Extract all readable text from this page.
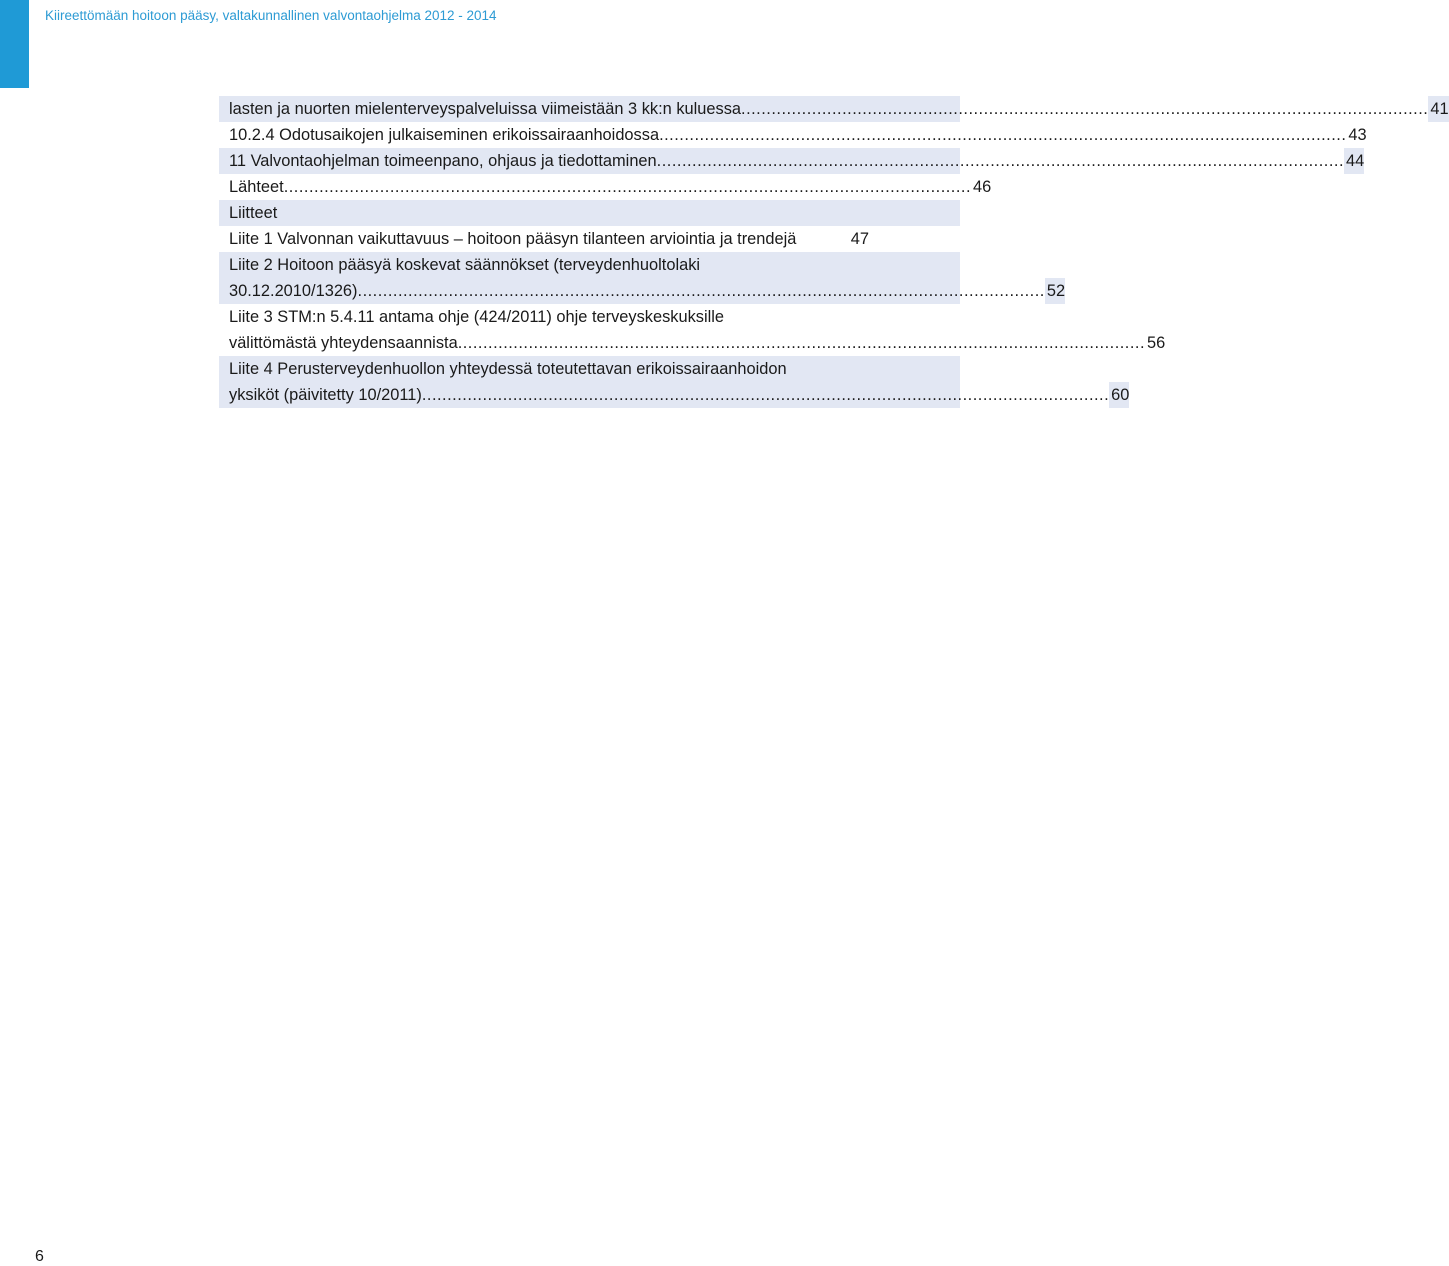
Kiireettömään hoitoon pääsy, valtakunnallinen valvontaohjelma 2012 - 2014
lasten ja nuorten mielenterveyspalveluissa viimeistään 3 kk:n kuluessa ........................................................................................................................................ 41
10.2.4 Odotusaikojen julkaiseminen erikoissairaanhoidossa ........................................................................................................................................ 43
11 Valvontaohjelman toimeenpano, ohjaus ja tiedottaminen ........................................................................................................................................ 44
Lähteet ........................................................................................................................................ 46
Liitteet
Liite 1 Valvonnan vaikuttavuus – hoitoon pääsyn tilanteen arviointia ja trendejä	47
Liite 2 Hoitoon pääsyä koskevat säännökset (terveydenhuoltolaki
30.12.2010/1326) ........................................................................................................................................ 52
Liite 3 STM:n 5.4.11 antama ohje (424/2011) ohje terveyskeskuksille
välittömästä yhteydensaannista ........................................................................................................................................ 56
Liite 4 Perusterveydenhuollon yhteydessä toteutettavan erikoissairaanhoidon
yksiköt (päivitetty 10/2011) ........................................................................................................................................ 60
6
